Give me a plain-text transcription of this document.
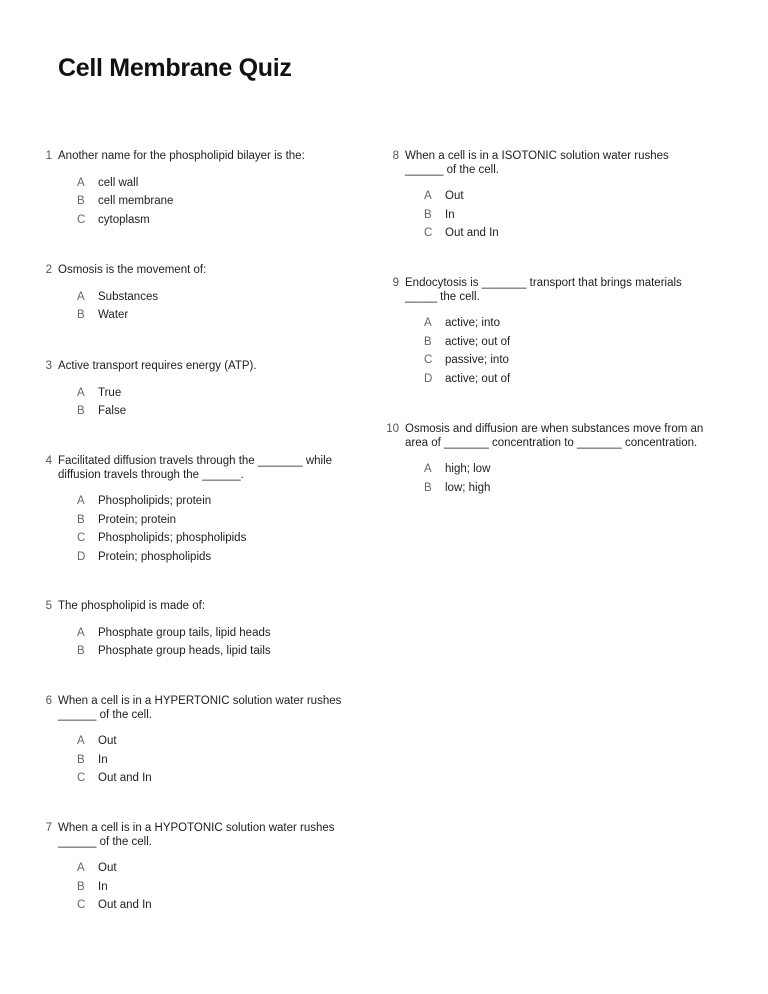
Cell Membrane Quiz
1 Another name for the phospholipid bilayer is the:
A	cell wall
B	cell membrane
C	cytoplasm
2 Osmosis is the movement of:
A	Substances
B	Water
3 Active transport requires energy (ATP).
A	True
B	False
4 Facilitated diffusion travels through the _______ while diffusion travels through the ______.
A	Phospholipids; protein
B	Protein; protein
C	Phospholipids; phospholipids
D	Protein; phospholipids
5 The phospholipid is made of:
A	Phosphate group tails, lipid heads
B	Phosphate group heads, lipid tails
6 When a cell is in a HYPERTONIC solution water rushes ______ of the cell.
A	Out
B	In
C	Out and In
7 When a cell is in a HYPOTONIC solution water rushes ______ of the cell.
A	Out
B	In
C	Out and In
8 When a cell is in a ISOTONIC solution water rushes ______ of the cell.
A	Out
B	In
C	Out and In
9 Endocytosis is _______ transport that brings materials _____ the cell.
A	active; into
B	active; out of
C	passive; into
D	active; out of
10 Osmosis and diffusion are when substances move from an area of _______ concentration to _______ concentration.
A	high; low
B	low; high
